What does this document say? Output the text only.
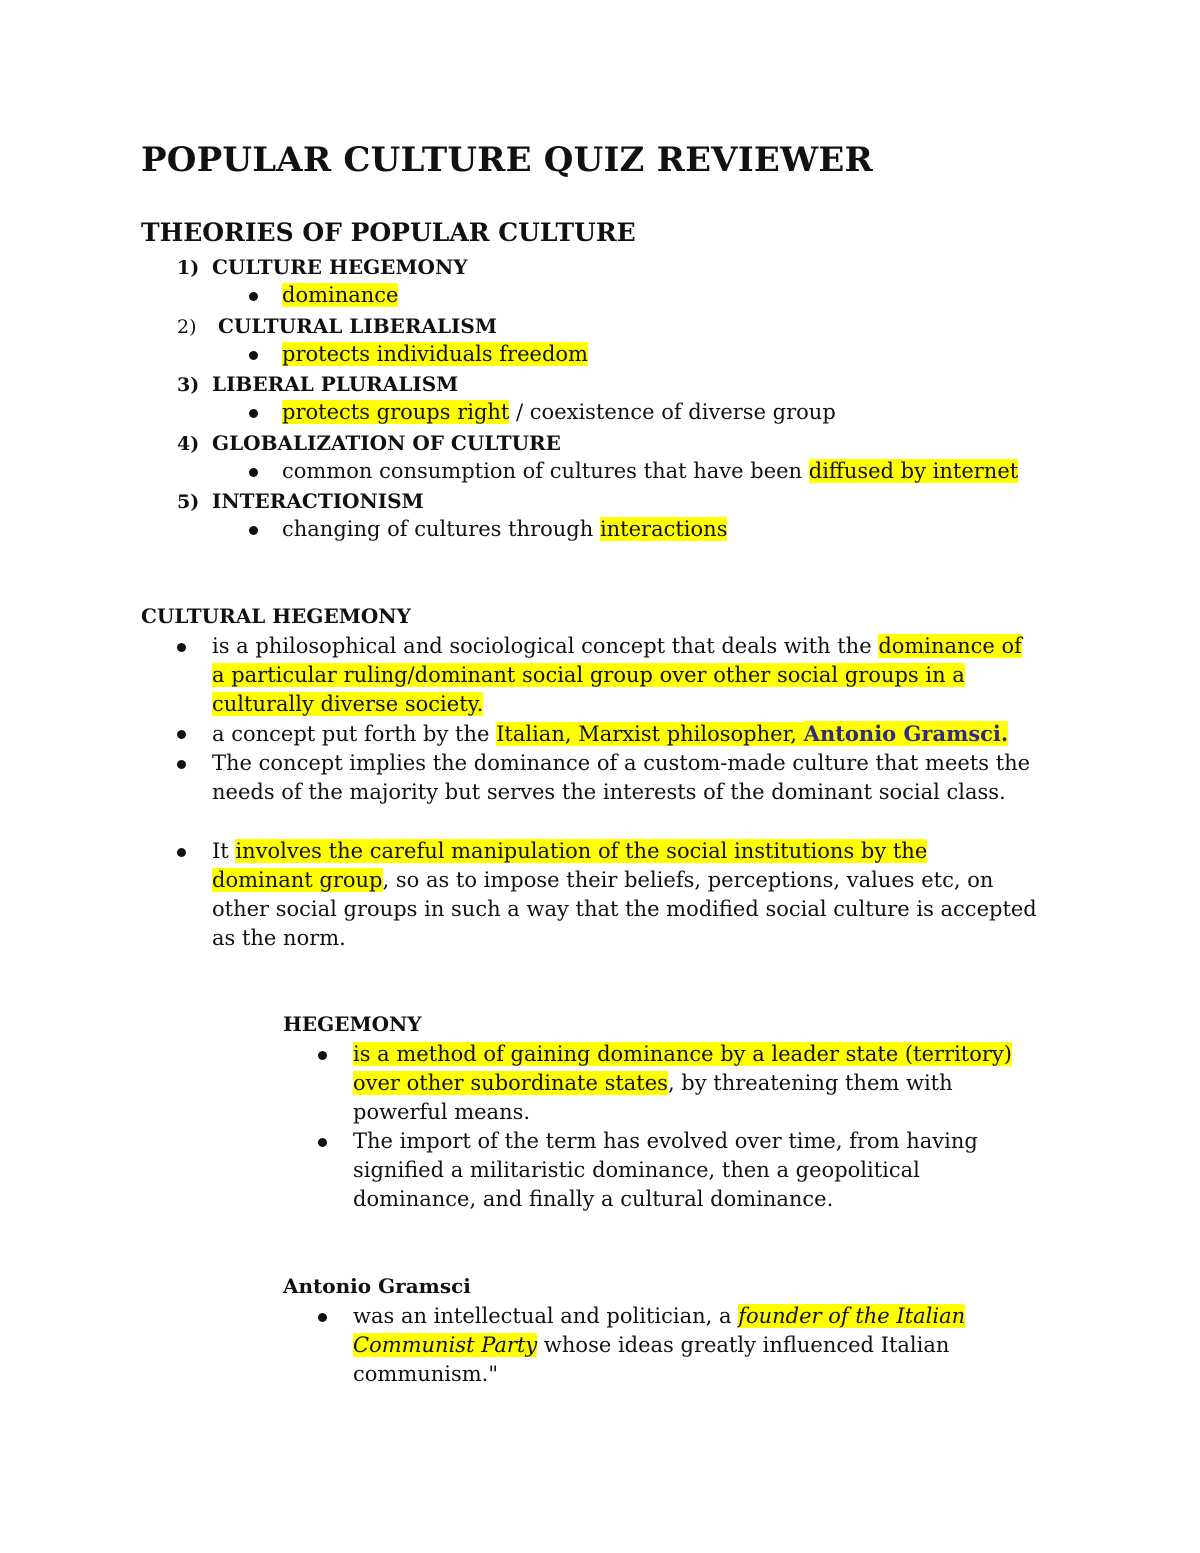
POPULAR CULTURE QUIZ REVIEWER
THEORIES OF POPULAR CULTURE
1) CULTURE HEGEMONY
dominance
2) CULTURAL LIBERALISM
protects individuals freedom
3) LIBERAL PLURALISM
protects groups right / coexistence of diverse group
4) GLOBALIZATION OF CULTURE
common consumption of cultures that have been diffused by internet
5) INTERACTIONISM
changing of cultures through interactions
CULTURAL HEGEMONY
is a philosophical and sociological concept that deals with the dominance of
a particular ruling/dominant social group over other social groups in a
culturally diverse society.
a concept put forth by the Italian, Marxist philosopher, Antonio Gramsci.
The concept implies the dominance of a custom-made culture that meets the
needs of the majority but serves the interests of the dominant social class.
It involves the careful manipulation of the social institutions by the
dominant group, so as to impose their beliefs, perceptions, values etc, on
other social groups in such a way that the modified social culture is accepted
as the norm.
HEGEMONY
is a method of gaining dominance by a leader state (territory)
over other subordinate states, by threatening them with
powerful means.
The import of the term has evolved over time, from having
signified a militaristic dominance, then a geopolitical
dominance, and finally a cultural dominance.
Antonio Gramsci
was an intellectual and politician, a founder of the Italian
Communist Party whose ideas greatly influenced Italian
communism."
